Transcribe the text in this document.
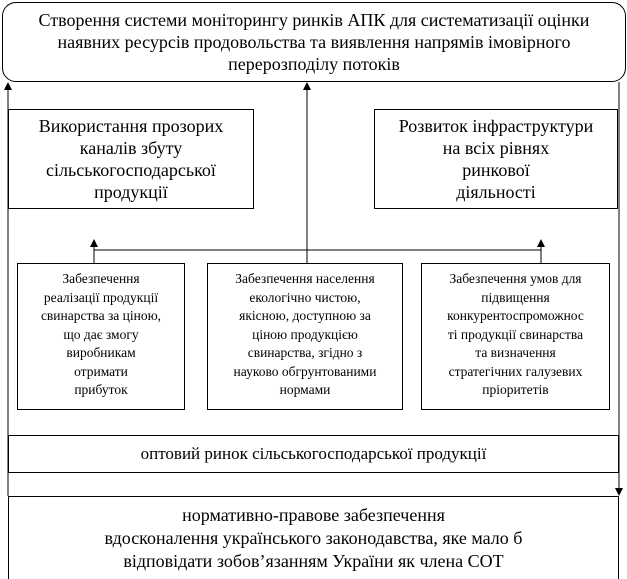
Створення системи моніторингу ринків АПК для систематизації оцінки
наявних ресурсів продовольства та виявлення напрямів імовірного
перерозподілу потоків
Використання прозорих
каналів збуту
сільськогосподарської
продукції
Розвиток інфраструктури
на всіх рівнях
ринкової
діяльності
Забезпечення
реалізації продукції
свинарства за ціною,
що дає змогу
виробникам
отримати
прибуток
Забезпечення населення
екологічно чистою,
якісною, доступною за
ціною продукцією
свинарства, згідно з
науково обгрунтованими
нормами
Забезпечення умов для
підвищення
конкурентоспроможнос
ті продукції свинарства
та визначення
стратегічних галузевих
пріоритетів
оптовий ринок сільськогосподарської продукції
нормативно-правове забезпечення
вдосконалення українського законодавства, яке мало б
відповідати зобов’язанням України як члена СОТ
